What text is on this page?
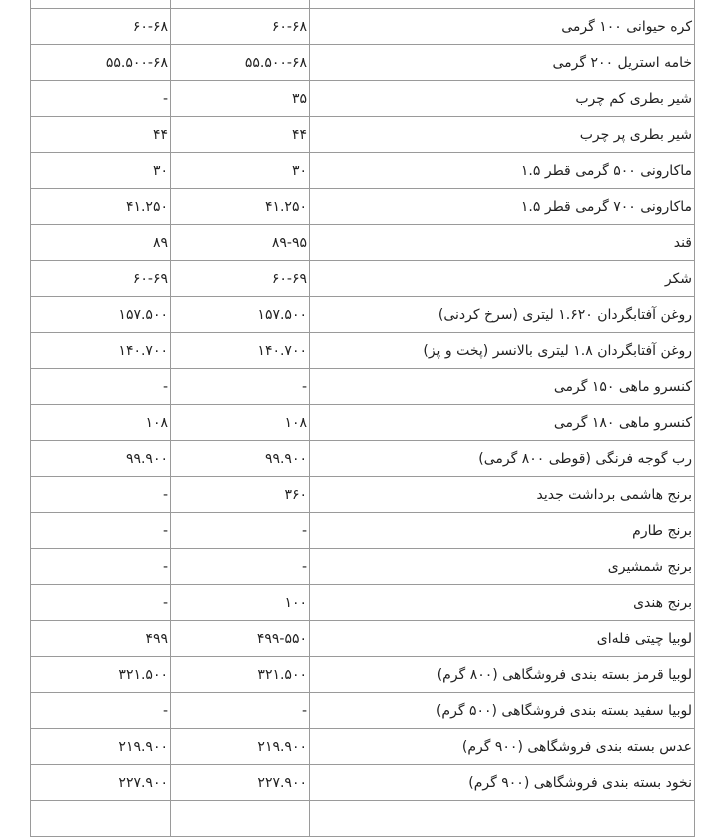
۶۰-۶۸	۶۰-۶۸	کره حیوانی ۱۰۰ گرمی
۵۵.۵۰۰-۶۸	۵۵.۵۰۰-۶۸	خامه استریل ۲۰۰ گرمی
-	۳۵	شیر بطری کم چرب
۴۴	۴۴	شیر بطری پر چرب
۳۰	۳۰	ماکارونی ۵۰۰ گرمی قطر ۱.۵
۴۱.۲۵۰	۴۱.۲۵۰	ماکارونی ۷۰۰ گرمی قطر ۱.۵
۸۹	۸۹-۹۵	قند
۶۰-۶۹	۶۰-۶۹	شکر
۱۵۷.۵۰۰	۱۵۷.۵۰۰	روغن آفتابگردان ۱.۶۲۰ لیتری (سرخ کردنی)
۱۴۰.۷۰۰	۱۴۰.۷۰۰	روغن آفتابگردان ۱.۸ لیتری بالانسر (پخت و پز)
-	-	کنسرو ماهی ۱۵۰ گرمی
۱۰۸	۱۰۸	کنسرو ماهی ۱۸۰ گرمی
۹۹.۹۰۰	۹۹.۹۰۰	رب گوجه فرنگی (قوطی ۸۰۰ گرمی)
-	۳۶۰	برنج هاشمی برداشت جدید
-	-	برنج طارم
-	-	برنج شمشیری
-	۱۰۰	برنج هندی
۴۹۹	۴۹۹-۵۵۰	لوبیا چیتی فله‌ای
۳۲۱.۵۰۰	۳۲۱.۵۰۰	لوبیا قرمز بسته بندی فروشگاهی (۸۰۰ گرم)
-	-	لوبیا سفید بسته بندی فروشگاهی (۵۰۰ گرم)
۲۱۹.۹۰۰	۲۱۹.۹۰۰	عدس بسته بندی فروشگاهی (۹۰۰ گرم)
۲۲۷.۹۰۰	۲۲۷.۹۰۰	نخود بسته بندی فروشگاهی (۹۰۰ گرم)
